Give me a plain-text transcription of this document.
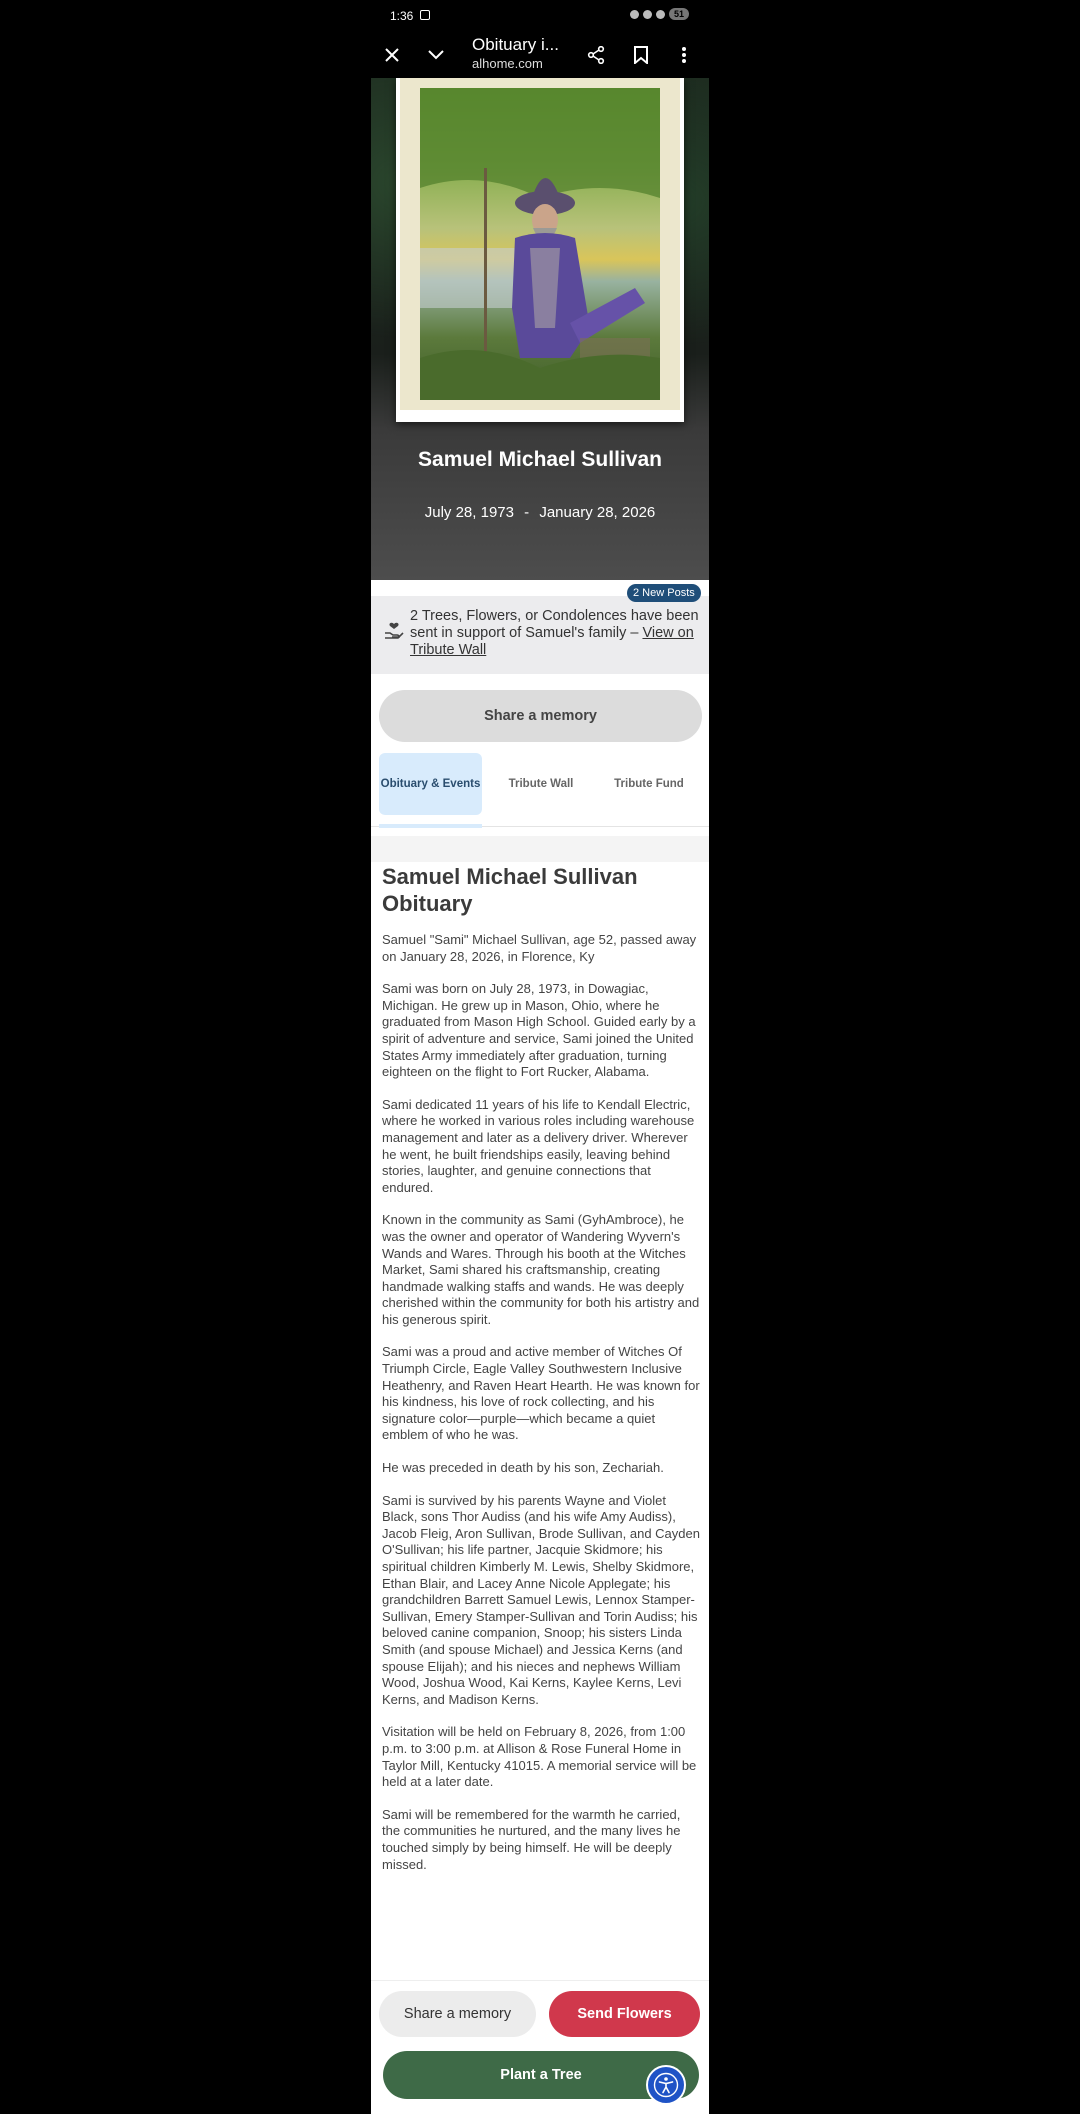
1:36	51
Obituary i...
alhome.com
Samuel Michael Sullivan
July 28, 1973 - January 28, 2026
2 Trees, Flowers, or Condolences have been sent in support of Samuel's family – View on Tribute Wall
2 New Posts
Share a memory
Obituary & Events	Tribute Wall	Tribute Fund
Samuel Michael Sullivan Obituary

Samuel "Sami" Michael Sullivan, age 52, passed away on January 28, 2026, in Florence, Ky

Sami was born on July 28, 1973, in Dowagiac, Michigan. He grew up in Mason, Ohio, where he graduated from Mason High School. Guided early by a spirit of adventure and service, Sami joined the United States Army immediately after graduation, turning eighteen on the flight to Fort Rucker, Alabama.

Sami dedicated 11 years of his life to Kendall Electric, where he worked in various roles including warehouse management and later as a delivery driver. Wherever he went, he built friendships easily, leaving behind stories, laughter, and genuine connections that endured.

Known in the community as Sami (GyhAmbroce), he was the owner and operator of Wandering Wyvern's Wands and Wares. Through his booth at the Witches Market, Sami shared his craftsmanship, creating handmade walking staffs and wands. He was deeply cherished within the community for both his artistry and his generous spirit.

Sami was a proud and active member of Witches Of Triumph Circle, Eagle Valley Southwestern Inclusive Heathenry, and Raven Heart Hearth. He was known for his kindness, his love of rock collecting, and his signature color—purple—which became a quiet emblem of who he was.

He was preceded in death by his son, Zechariah.

Sami is survived by his parents Wayne and Violet Black, sons Thor Audiss (and his wife Amy Audiss), Jacob Fleig, Aron Sullivan, Brode Sullivan, and Cayden O'Sullivan; his life partner, Jacquie Skidmore; his spiritual children Kimberly M. Lewis, Shelby Skidmore, Ethan Blair, and Lacey Anne Nicole Applegate; his grandchildren Barrett Samuel Lewis, Lennox Stamper-Sullivan, Emery Stamper-Sullivan and Torin Audiss; his beloved canine companion, Snoop; his sisters Linda Smith (and spouse Michael) and Jessica Kerns (and spouse Elijah); and his nieces and nephews William Wood, Joshua Wood, Kai Kerns, Kaylee Kerns, Levi Kerns, and Madison Kerns.

Visitation will be held on February 8, 2026, from 1:00 p.m. to 3:00 p.m. at Allison & Rose Funeral Home in Taylor Mill, Kentucky 41015. A memorial service will be held at a later date.

Sami will be remembered for the warmth he carried, the communities he nurtured, and the many lives he touched simply by being himself. He will be deeply missed.

Share a memory	Send Flowers
Plant a Tree
